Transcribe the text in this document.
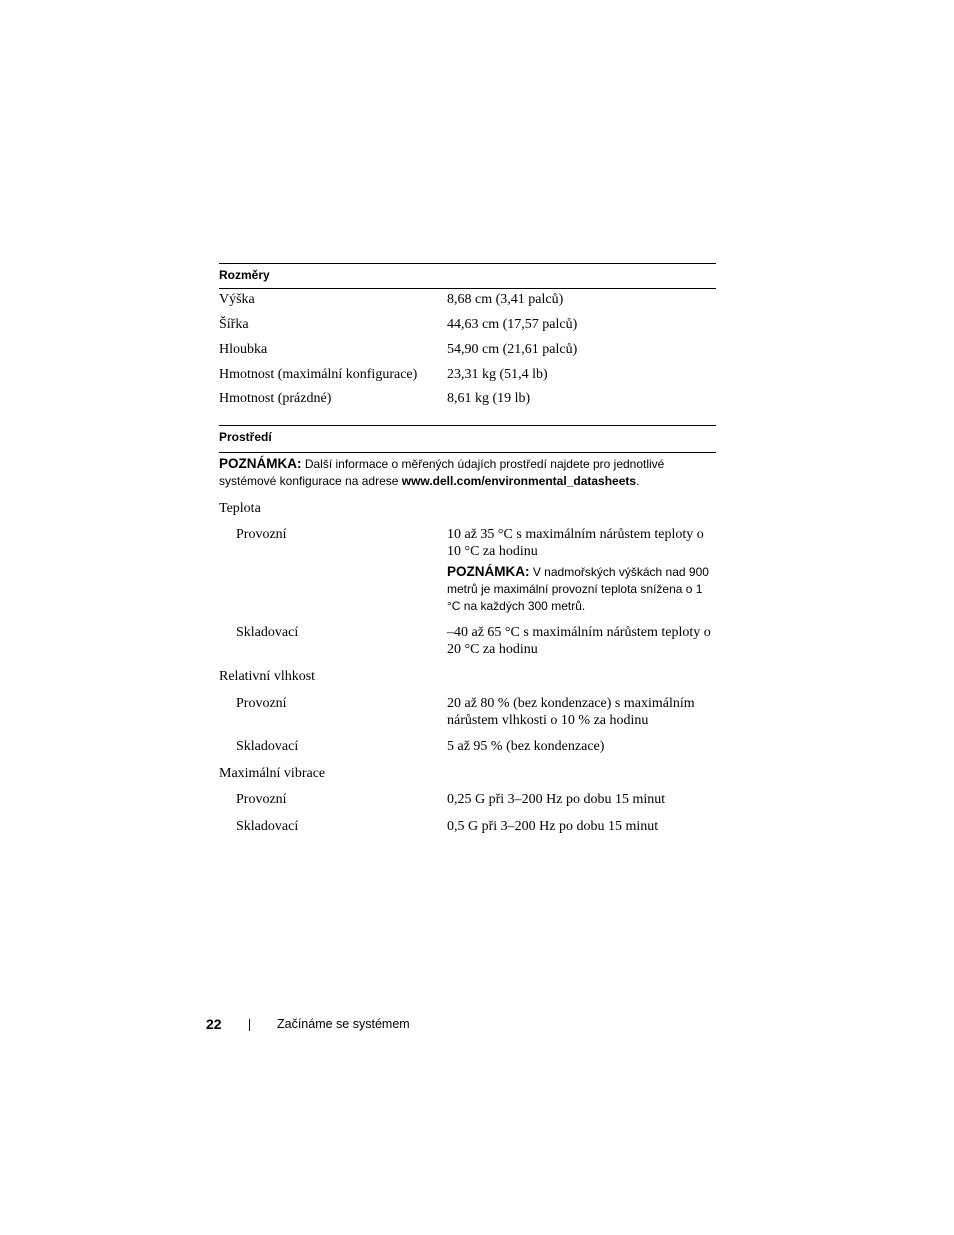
Rozměry
Výška	8,68 cm (3,41 palců)
Šířka	44,63 cm (17,57 palců)
Hloubka	54,90 cm (21,61 palců)
Hmotnost (maximální konfigurace) 23,31 kg (51,4 lb)
Hmotnost (prázdné)	8,61 kg (19 lb)
Prostředí
POZNÁMKA: Další informace o měřených údajích prostředí najdete pro jednotlivé systémové konfigurace na adrese www.dell.com/environmental_datasheets.
Teplota
Provozní	10 až 35 °C s maximálním nárůstem teploty o 10 °C za hodinu
POZNÁMKA: V nadmořských výškách nad 900 metrů je maximální provozní teplota snížena o 1 °C na každých 300 metrů.
Skladovací	–40 až 65 °C s maximálním nárůstem teploty o 20 °C za hodinu
Relativní vlhkost
Provozní	20 až 80 % (bez kondenzace) s maximálním nárůstem vlhkosti o 10 % za hodinu
Skladovací	5 až 95 % (bez kondenzace)
Maximální vibrace
Provozní	0,25 G při 3–200 Hz po dobu 15 minut
Skladovací	0,5 G při 3–200 Hz po dobu 15 minut
22	Začínáme se systémem
